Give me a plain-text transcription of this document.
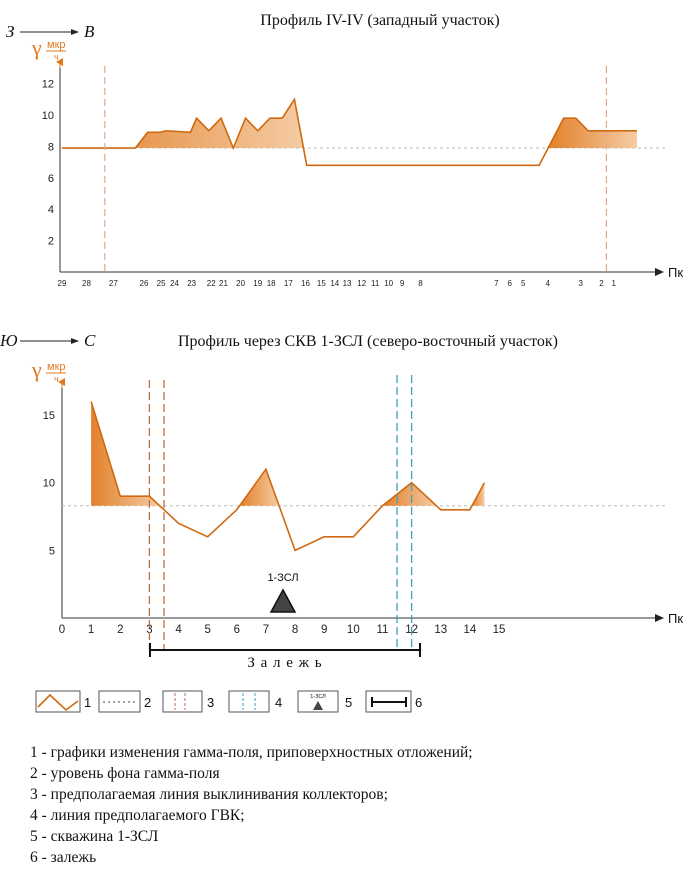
З	В
Профиль IV-IV (западный участок)
γ мкр
ч
Пк
2
4
6
8
10
12
29 28 27	26 25 24 23 22 21 20 19 18 17 16 15 14 13 12 11 10 9 8	7 6 5	4	3 2 1
Ю	С	Профиль через СКВ 1-ЗСЛ (северо-восточный участок)
γ мкр
ч
Пк
5
10
15
0 1 2 3 4 5 6 7 8 9 10 11 12 13 14 15
1-ЗСЛ
З а л е ж ь
1	2	3	4	1-ЗСЛ 5	6
1 - графики изменения гамма-поля, приповерхностных отложений;
2 - уровень фона гамма-поля
3 - предполагаемая линия выклинивания коллекторов;
4 - линия предполагаемого ГВК;
5 - скважина 1-ЗСЛ
6 - залежь
